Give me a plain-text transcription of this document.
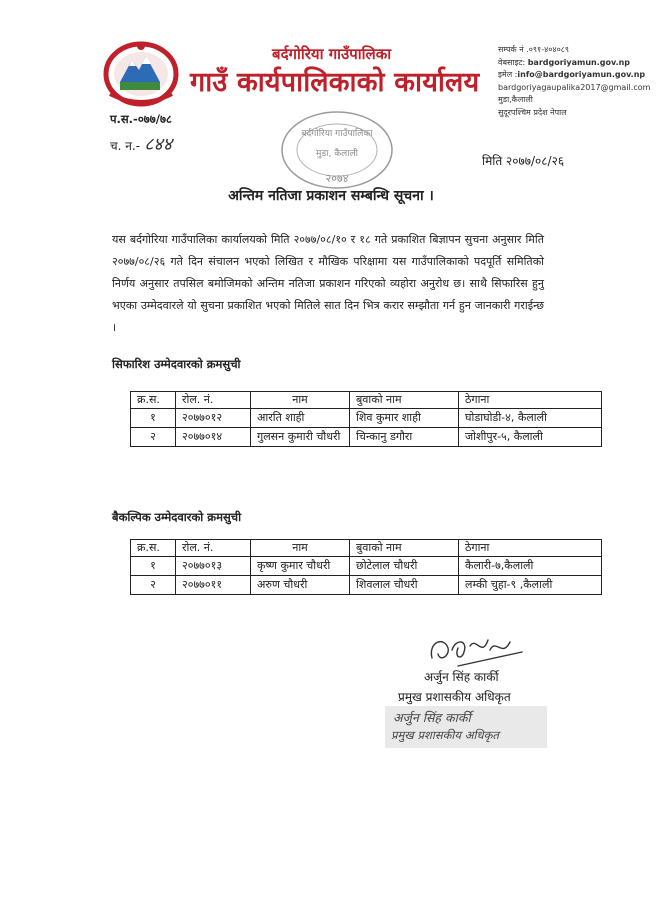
बर्दगोरिया गाउँपालिका
गाउँ कार्यपालिकाको कार्यालय
सम्पर्क नं .०९१-४०४०८९
वेबसाइट: bardgoriyamun.gov.np
इमेल :info@bardgoriyamun.gov.np
bardgoriyagaupalika2017@gmail.com
मुडा,कैलाली
सुदूरपश्चिम प्रदेश नेपाल
प.स.-०७७/७८
च. न.- ८४४	बर्दगोरिया गाउँपालिका
मुडा, कैलाली
२०७४
मिति २०७७/०८/२६
अन्तिम नतिजा प्रकाशन सम्बन्धि सूचना ।
यस बर्दगोरिया गाउँपालिका कार्यालयको मिति २०७७/०८/१० र १८ गते प्रकाशित बिज्ञापन सुचना अनुसार मिति २०७७/०८/२६ गते दिन संचालन भएको लिखित र मौखिक परिक्षामा यस गाउँपालिकाको पदपूर्ति समितिको निर्णय अनुसार तपसिल बमोजिमको अन्तिम नतिजा प्रकाशन गरिएको व्यहोरा अनुरोध छ। साथै सिफारिस हुनु भएका उम्मेदवारले यो सुचना प्रकाशित भएको मितिले सात दिन भित्र करार सम्झौता गर्न हुन जानकारी गराईन्छ ।
सिफारिश उम्मेदवारको क्रमसुची
क्र.स.	रोल. नं.	नाम	बुवाको नाम	ठेगाना
१	२०७७०१२	आरति शाही	शिव कुमार शाही	घोडाघोडी-४, कैलाली
२	२०७७०१४	गुलसन कुमारी चौधरी	चिन्कानु डगौरा	जोशीपुर-५, कैलाली
बैकल्पिक उम्मेदवारको क्रमसुची
क्र.स.	रोल. नं.	नाम	बुवाको नाम	ठेगाना
१	२०७७०१३	कृष्ण कुमार चौधरी	छोटेलाल चौधरी	कैलारी-७,कैलाली
२	२०७७०११	अरुण चौधरी	शिवलाल चौधरी	लम्की चुहा-९ ,कैलाली
अर्जुन सिंह कार्की
प्रमुख प्रशासकीय अधिकृत
अर्जुन सिंह कार्की
प्रमुख प्रशासकीय अधिकृत
